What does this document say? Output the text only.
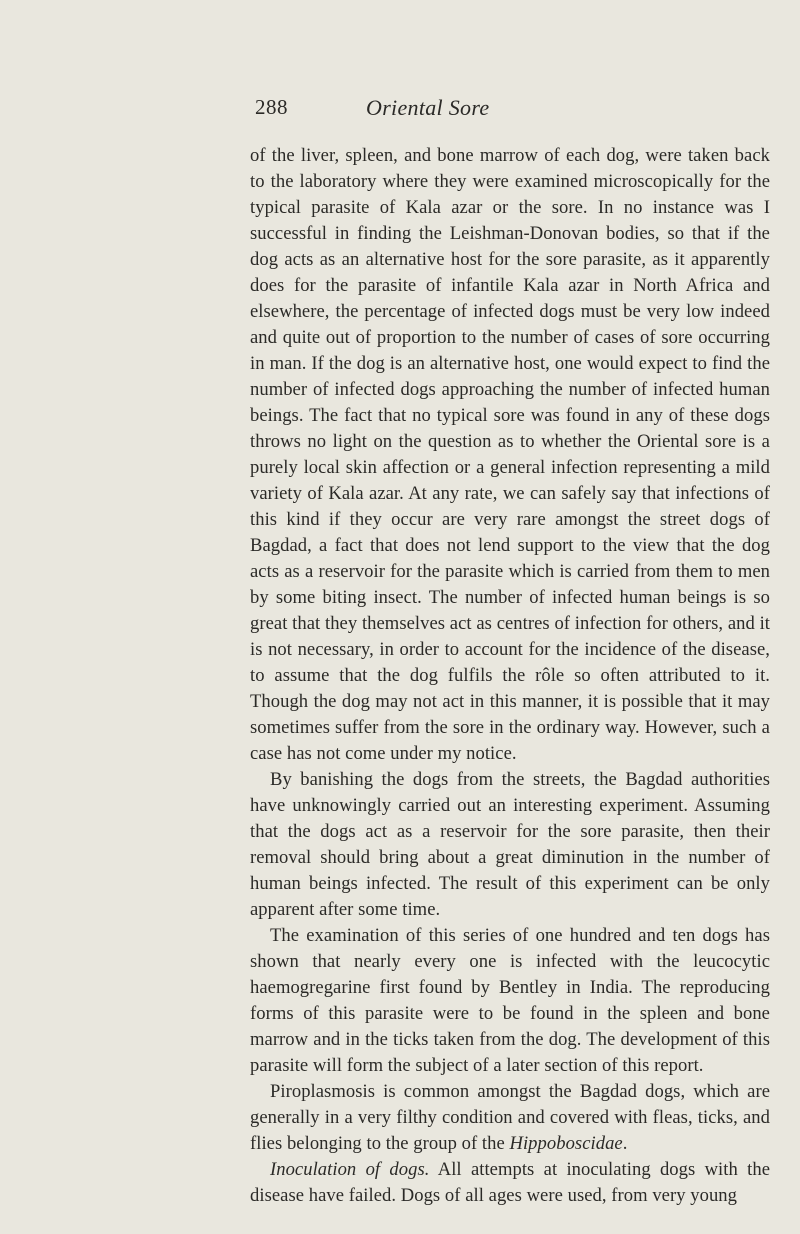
288	Oriental Sore

of the liver, spleen, and bone marrow of each dog, were taken back to the laboratory where they were examined microscopically for the typical parasite of Kala azar or the sore. In no instance was I successful in finding the Leishman-Donovan bodies, so that if the dog acts as an alternative host for the sore parasite, as it apparently does for the parasite of infantile Kala azar in North Africa and elsewhere, the percentage of infected dogs must be very low indeed and quite out of proportion to the number of cases of sore occurring in man. If the dog is an alternative host, one would expect to find the number of infected dogs approaching the number of infected human beings. The fact that no typical sore was found in any of these dogs throws no light on the question as to whether the Oriental sore is a purely local skin affection or a general infection representing a mild variety of Kala azar. At any rate, we can safely say that infections of this kind if they occur are very rare amongst the street dogs of Bagdad, a fact that does not lend support to the view that the dog acts as a reservoir for the parasite which is carried from them to men by some biting insect. The number of infected human beings is so great that they themselves act as centres of infection for others, and it is not necessary, in order to account for the incidence of the disease, to assume that the dog fulfils the rôle so often attributed to it. Though the dog may not act in this manner, it is possible that it may sometimes suffer from the sore in the ordinary way. However, such a case has not come under my notice.

By banishing the dogs from the streets, the Bagdad authorities have unknowingly carried out an interesting experiment. Assuming that the dogs act as a reservoir for the sore parasite, then their removal should bring about a great diminution in the number of human beings infected. The result of this experiment can be only apparent after some time.

The examination of this series of one hundred and ten dogs has shown that nearly every one is infected with the leucocytic haemogregarine first found by Bentley in India. The reproducing forms of this parasite were to be found in the spleen and bone marrow and in the ticks taken from the dog. The development of this parasite will form the subject of a later section of this report.

Piroplasmosis is common amongst the Bagdad dogs, which are generally in a very filthy condition and covered with fleas, ticks, and flies belonging to the group of the Hippoboscidae.

Inoculation of dogs. All attempts at inoculating dogs with the disease have failed. Dogs of all ages were used, from very young
